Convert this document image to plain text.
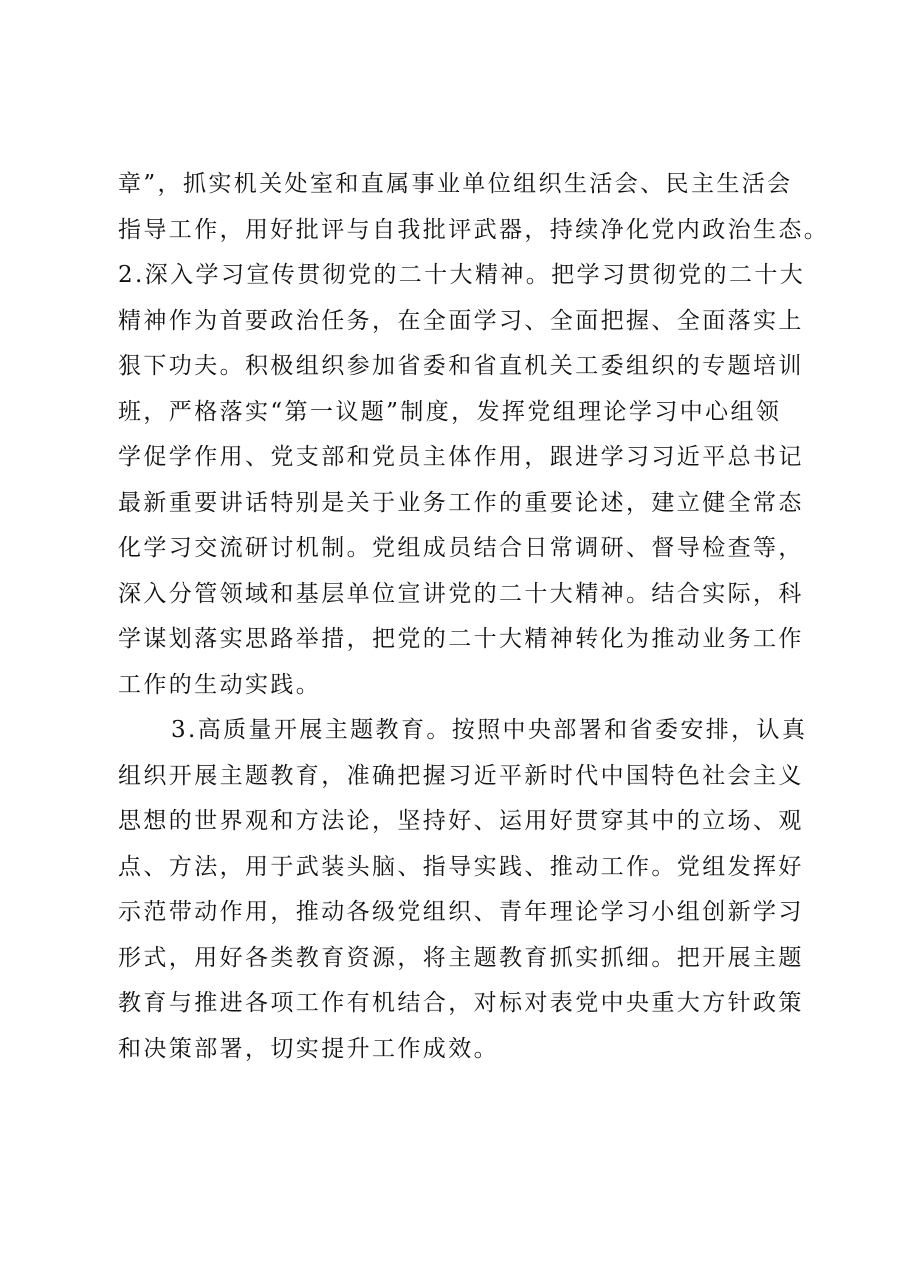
章”，抓实机关处室和直属事业单位组织生活会、民主生活会
指导工作，用好批评与自我批评武器，持续净化党内政治生态。
2.深入学习宣传贯彻党的二十大精神。把学习贯彻党的二十大
精神作为首要政治任务，在全面学习、全面把握、全面落实上
狠下功夫。积极组织参加省委和省直机关工委组织的专题培训
班，严格落实“第一议题”制度，发挥党组理论学习中心组领
学促学作用、党支部和党员主体作用，跟进学习习近平总书记
最新重要讲话特别是关于业务工作的重要论述，建立健全常态
化学习交流研讨机制。党组成员结合日常调研、督导检查等，
深入分管领域和基层单位宣讲党的二十大精神。结合实际，科
学谋划落实思路举措，把党的二十大精神转化为推动业务工作
工作的生动实践。
3.高质量开展主题教育。按照中央部署和省委安排，认真
组织开展主题教育，准确把握习近平新时代中国特色社会主义
思想的世界观和方法论，坚持好、运用好贯穿其中的立场、观
点、方法，用于武装头脑、指导实践、推动工作。党组发挥好
示范带动作用，推动各级党组织、青年理论学习小组创新学习
形式，用好各类教育资源，将主题教育抓实抓细。把开展主题
教育与推进各项工作有机结合，对标对表党中央重大方针政策
和决策部署，切实提升工作成效。
